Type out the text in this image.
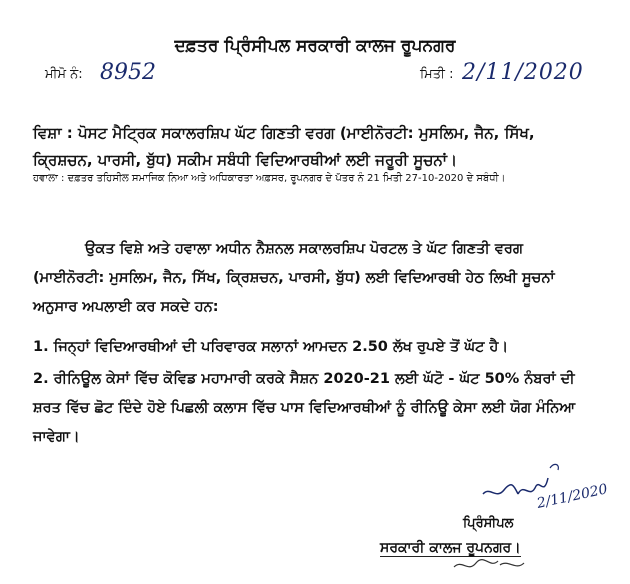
ਦਫ਼ਤਰ ਪ੍ਰਿੰਸੀਪਲ ਸਰਕਾਰੀ ਕਾਲਜ ਰੂਪਨਗਰ
ਮੀਮੋ ਨੰ: 8952	ਮਿਤੀ : 2/11/2020
ਵਿਸ਼ਾ : ਪੋਸਟ ਮੈਟ੍ਰਿਕ ਸਕਾਲਰਸ਼ਿਪ ਘੱਟ ਗਿਣਤੀ ਵਰਗ (ਮਾਈਨੋਰਟੀ: ਮੁਸਲਿਮ, ਜੈਨ, ਸਿੱਖ, ਕ੍ਰਿਸ਼ਚਨ, ਪਾਰਸੀ, ਬੁੱਧ) ਸਕੀਮ ਸਬੰਧੀ ਵਿਦਿਆਰਥੀਆਂ ਲਈ ਜਰੂਰੀ ਸੂਚਨਾਂ।
ਹਵਾਲਾ : ਦਫ਼ਤਰ ਤਹਿਸੀਲ ਸਮਾਜਿਕ ਨਿਆ ਅਤੇ ਅਧਿਕਾਰਤਾ ਅਫ਼ਸਰ, ਰੂਪਨਗਰ ਦੇ ਪੱਤਰ ਨੰ 21 ਮਿਤੀ 27-10-2020 ਦੇ ਸਬੰਧੀ।
ਉਕਤ ਵਿਸ਼ੇ ਅਤੇ ਹਵਾਲਾ ਅਧੀਨ ਨੈਸ਼ਨਲ ਸਕਾਲਰਸ਼ਿਪ ਪੋਰਟਲ ਤੇ ਘੱਟ ਗਿਣਤੀ ਵਰਗ (ਮਾਈਨੋਰਟੀ: ਮੁਸਲਿਮ, ਜੈਨ, ਸਿੱਖ, ਕ੍ਰਿਸ਼ਚਨ, ਪਾਰਸੀ, ਬੁੱਧ) ਲਈ ਵਿਦਿਆਰਥੀ ਹੇਠ ਲਿਖੀ ਸੂਚਨਾਂ ਅਨੁਸਾਰ ਅਪਲਾਈ ਕਰ ਸਕਦੇ ਹਨ:
1. ਜਿਨ੍ਹਾਂ ਵਿਦਿਆਰਥੀਆਂ ਦੀ ਪਰਿਵਾਰਕ ਸਲਾਨਾਂ ਆਮਦਨ 2.50 ਲੱਖ ਰੁਪਏ ਤੋਂ ਘੱਟ ਹੈ।
2. ਰੀਨਿਊਲ ਕੇਸਾਂ ਵਿੱਚ ਕੋਵਿਡ ਮਹਾਮਾਰੀ ਕਰਕੇ ਸੈਸ਼ਨ 2020-21 ਲਈ ਘੱਟੋ - ਘੱਟ 50% ਨੰਬਰਾਂ ਦੀ ਸ਼ਰਤ ਵਿੱਚ ਛੋਟ ਦਿੰਦੇ ਹੋਏ ਪਿਛਲੀ ਕਲਾਸ ਵਿੱਚ ਪਾਸ ਵਿਦਿਆਰਥੀਆਂ ਨੂੰ ਰੀਨਿਊ ਕੇਸਾ ਲਈ ਯੋਗ ਮੰਨਿਆ ਜਾਵੇਗਾ।
2/11/2020
ਪ੍ਰਿੰਸੀਪਲ
ਸਰਕਾਰੀ ਕਾਲਜ ਰੂਪਨਗਰ।
